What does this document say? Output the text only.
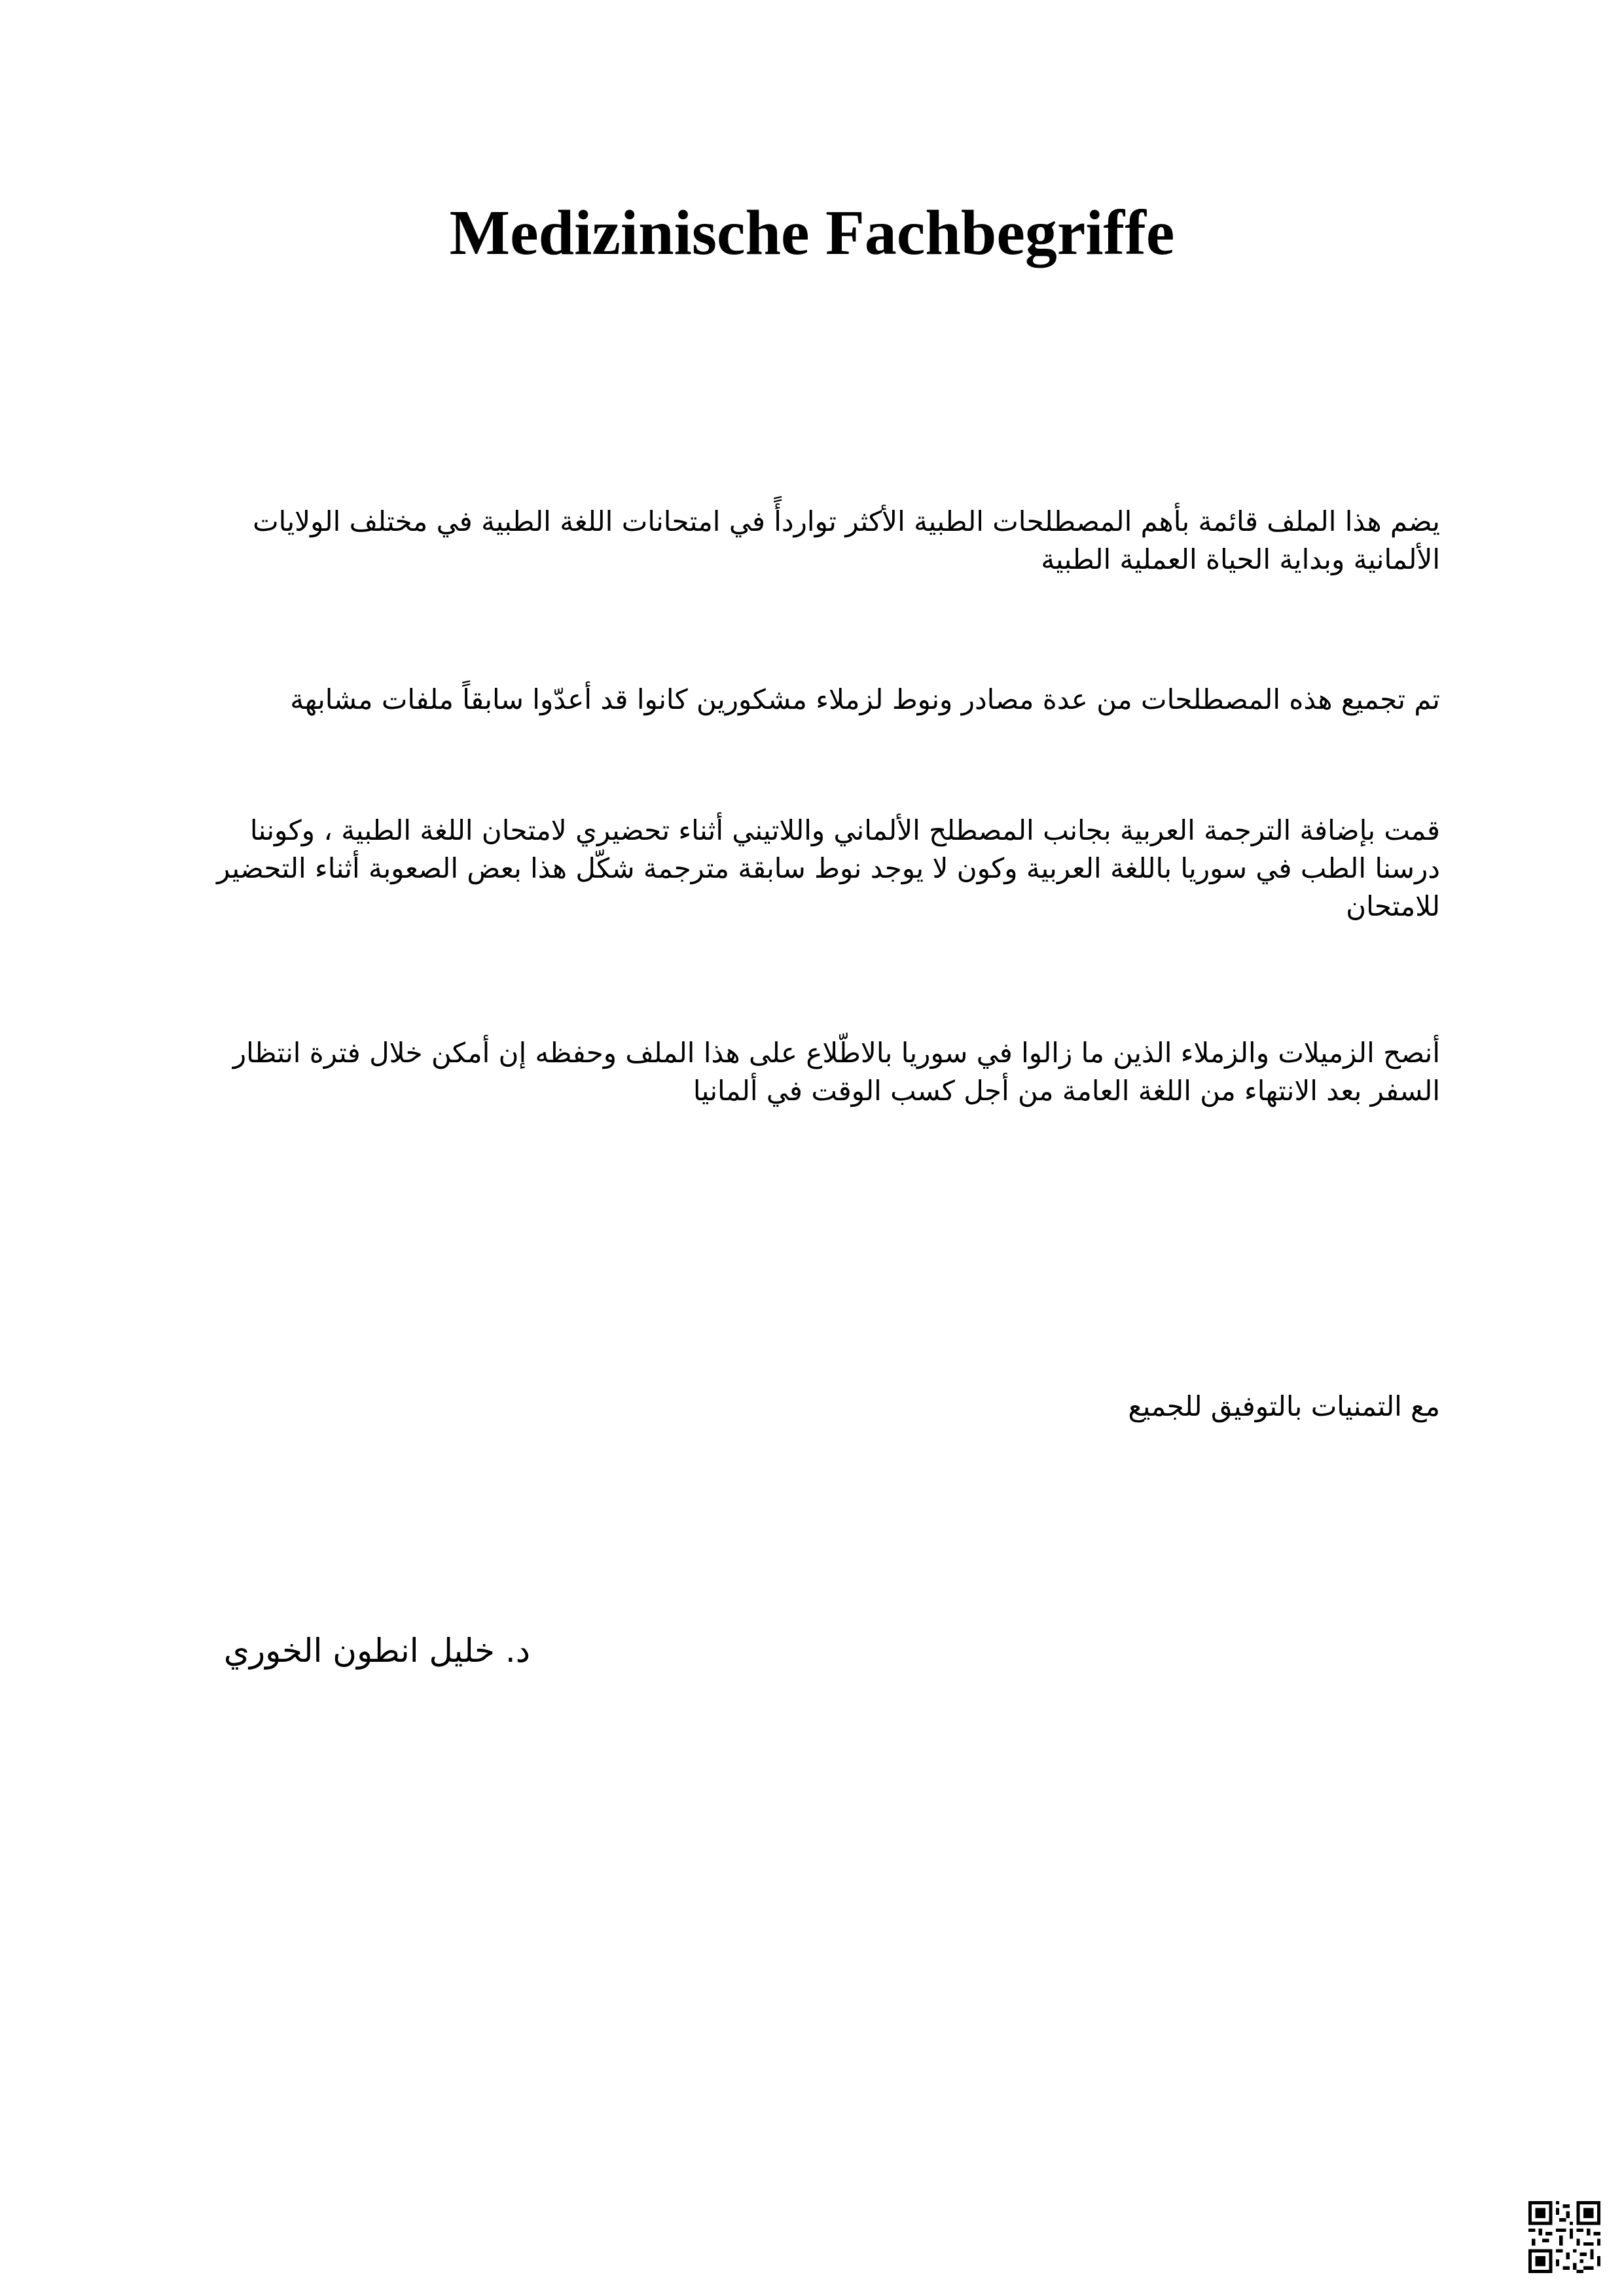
Medizinische Fachbegriffe

يضم هذا الملف قائمة بأهم المصطلحات الطبية الأكثر تواردأً في امتحانات اللغة الطبية في مختلف الولايات الألمانية وبداية الحياة العملية الطبية

تم تجميع هذه المصطلحات من عدة مصادر ونوط لزملاء مشكورين كانوا قد أعدّوا سابقاً ملفات مشابهة

قمت بإضافة الترجمة العربية بجانب المصطلح الألماني واللاتيني أثناء تحضيري لامتحان اللغة الطبية ، وكوننا درسنا الطب في سوريا باللغة العربية وكون لا يوجد نوط سابقة مترجمة شكّل هذا بعض الصعوبة أثناء التحضير للامتحان

أنصح الزميلات والزملاء الذين ما زالوا في سوريا بالاطّلاع على هذا الملف وحفظه إن أمكن خلال فترة انتظار السفر بعد الانتهاء من اللغة العامة من أجل كسب الوقت في ألمانيا

مع التمنيات بالتوفيق للجميع

د. خليل انطون الخوري
